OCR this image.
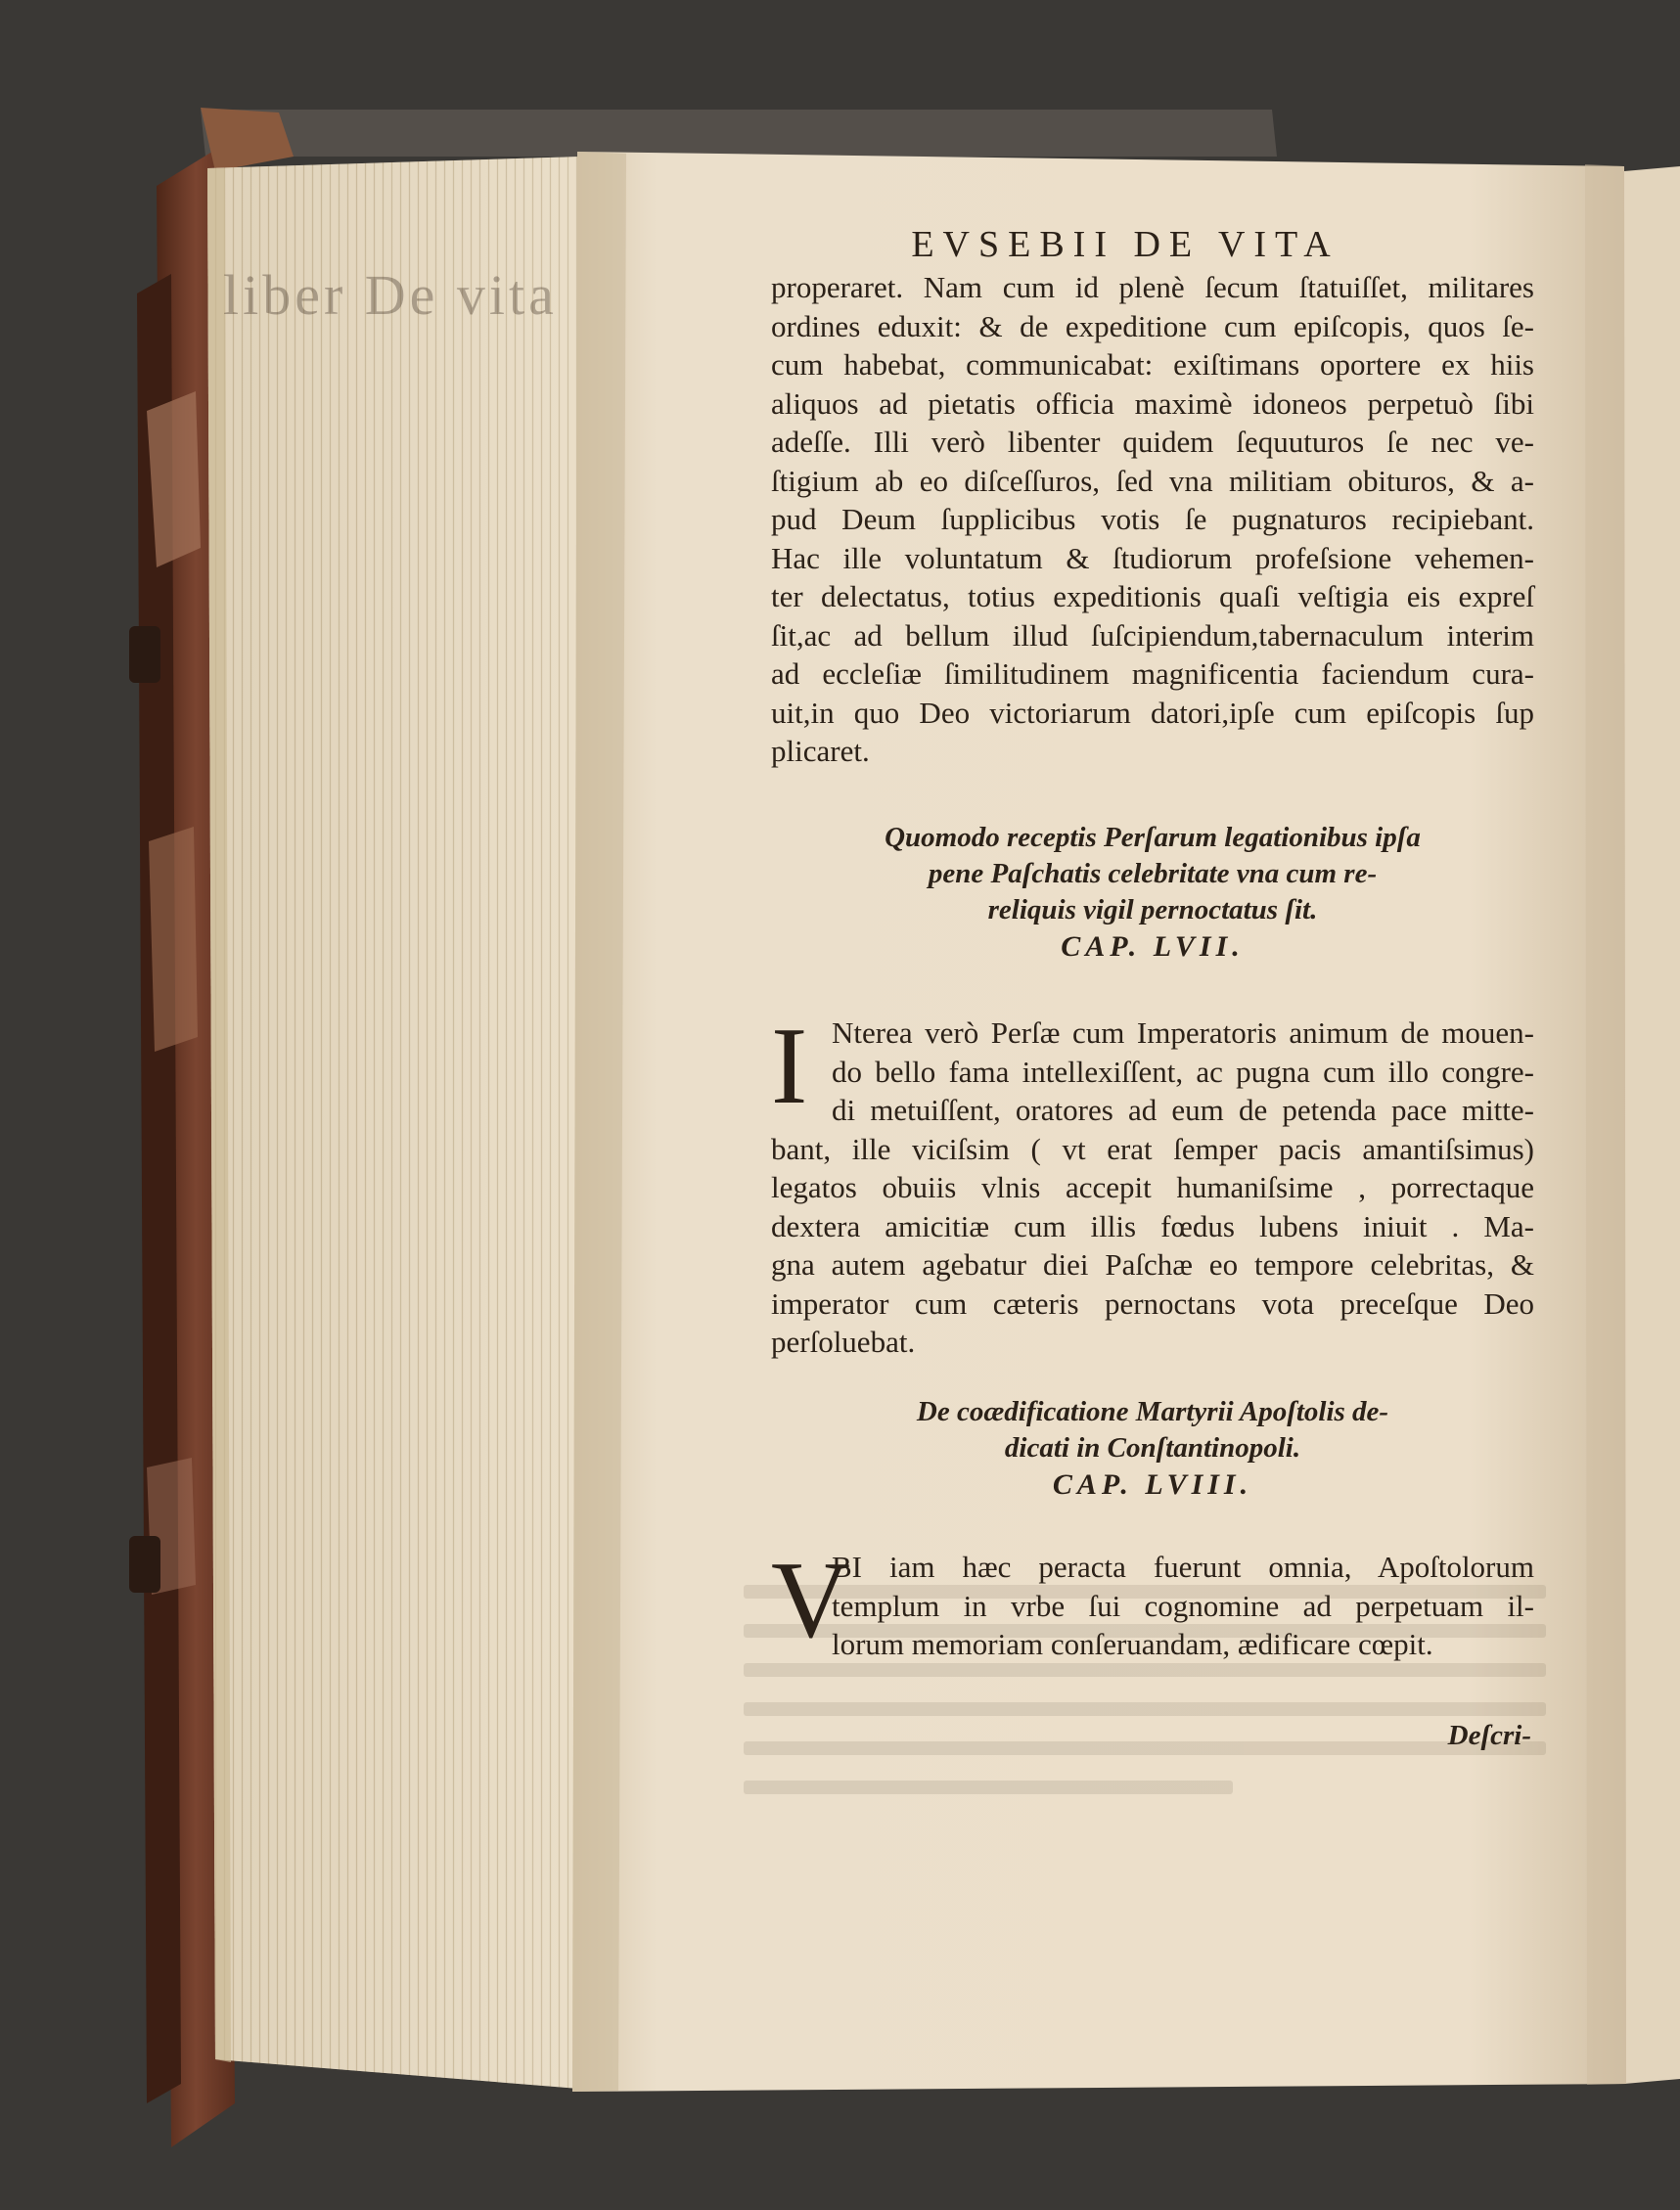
liber De vita
EVSEBII DE VITA
properaret. Nam cum id plenè ſecum ſtatuiſſet, militares
ordines eduxit: & de expeditione cum epiſcopis, quos ſe-
cum habebat, communicabat: exiſtimans oportere ex hiis
aliquos ad pietatis officia maximè idoneos perpetuò ſibi
adeſſe. Illi verò libenter quidem ſequuturos ſe nec ve-
ſtigium ab eo diſceſſuros, ſed vna militiam obituros, & a-
pud Deum ſupplicibus votis ſe pugnaturos recipiebant.
Hac ille voluntatum & ſtudiorum profeſsione vehemen-
ter delectatus, totius expeditionis quaſi veſtigia eis expreſ
ſit,ac ad bellum illud ſuſcipiendum,tabernaculum interim
ad eccleſiæ ſimilitudinem magnificentia faciendum cura-
uit,in quo Deo victoriarum datori,ipſe cum epiſcopis ſup
plicaret.
Quomodo receptis Perſarum legationibus ipſa
pene Paſchatis celebritate vna cum re-
reliquis vigil pernoctatus ſit.
CAP. LVII.
I Nterea verò Perſæ cum Imperatoris animum de mouen-
do bello fama intellexiſſent, ac pugna cum illo congre-
di metuiſſent, oratores ad eum de petenda pace mitte-
bant, ille viciſsim ( vt erat ſemper pacis amantiſsimus)
legatos obuiis vlnis accepit humaniſsime , porrectaque
dextera amicitiæ cum illis fœdus lubens iniuit . Ma-
gna autem agebatur diei Paſchæ eo tempore celebritas, &
imperator cum cæteris pernoctans vota preceſque Deo
perſoluebat.
De coædificatione Martyrii Apoſtolis de-
dicati in Conſtantinopoli.
CAP. LVIII.
V
BI iam hæc peracta fuerunt omnia, Apoſtolorum
templum in vrbe ſui cognomine ad perpetuam il-
lorum memoriam conſeruandam, ædificare cœpit.
Deſcri-
